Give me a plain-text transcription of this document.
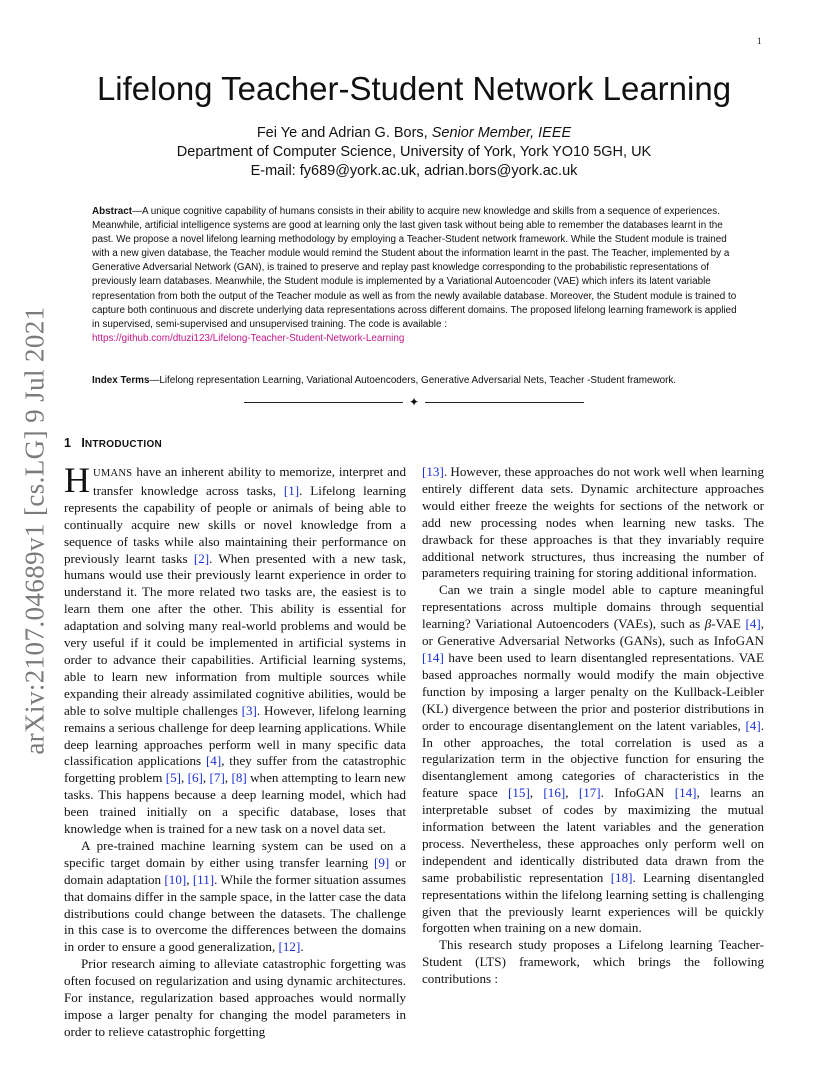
1
arXiv:2107.04689v1 [cs.LG] 9 Jul 2021
Lifelong Teacher-Student Network Learning
Fei Ye and Adrian G. Bors, Senior Member, IEEE
Department of Computer Science, University of York, York YO10 5GH, UK
E-mail: fy689@york.ac.uk, adrian.bors@york.ac.uk

Abstract—A unique cognitive capability of humans consists in their ability to acquire new knowledge and skills from a sequence of experiences. Meanwhile, artificial intelligence systems are good at learning only the last given task without being able to remember the databases learnt in the past. We propose a novel lifelong learning methodology by employing a Teacher-Student network framework. While the Student module is trained with a new given database, the Teacher module would remind the Student about the information learnt in the past. The Teacher, implemented by a Generative Adversarial Network (GAN), is trained to preserve and replay past knowledge corresponding to the probabilistic representations of previously learn databases. Meanwhile, the Student module is implemented by a Variational Autoencoder (VAE) which infers its latent variable representation from both the output of the Teacher module as well as from the newly available database. Moreover, the Student module is trained to capture both continuous and discrete underlying data representations across different domains. The proposed lifelong learning framework is applied in supervised, semi-supervised and unsupervised training. The code is available :
https://github.com/dtuzi123/Lifelong-Teacher-Student-Network-Learning

Index Terms—Lifelong representation Learning, Variational Autoencoders, Generative Adversarial Nets, Teacher -Student framework.

✦
1 INTRODUCTION

HUMANS have an inherent ability to memorize, interpret and transfer knowledge across tasks, [1]. Lifelong learning represents the capability of people or animals of being able to continually acquire new skills or novel knowledge from a sequence of tasks while also maintaining their performance on previously learnt tasks [2]. When presented with a new task, humans would use their previously learnt experience in order to understand it. The more related two tasks are, the easiest is to learn them one after the other. This ability is essential for adaptation and solving many real-world problems and would be very useful if it could be implemented in artificial systems in order to advance their capabilities. Artificial learning systems, able to learn new information from multiple sources while expanding their already assimilated cognitive abilities, would be able to solve multiple challenges [3]. However, lifelong learning remains a serious challenge for deep learning applications. While deep learning approaches perform well in many specific data classification applications [4], they suffer from the catastrophic forgetting problem [5], [6], [7], [8] when attempting to learn new tasks. This happens because a deep learning model, which had been trained initially on a specific database, loses that knowledge when is trained for a new task on a novel data set.

A pre-trained machine learning system can be used on a specific target domain by either using transfer learning [9] or domain adaptation [10], [11]. While the former situation assumes that domains differ in the sample space, in the latter case the data distributions could change between the datasets. The challenge in this case is to overcome the differences between the domains in order to ensure a good generalization, [12].

Prior research aiming to alleviate catastrophic forgetting was often focused on regularization and using dynamic architectures. For instance, regularization based approaches would normally impose a larger penalty for changing the model parameters in order to relieve catastrophic forgetting

[13]. However, these approaches do not work well when learning entirely different data sets. Dynamic architecture approaches would either freeze the weights for sections of the network or add new processing nodes when learning new tasks. The drawback for these approaches is that they invariably require additional network structures, thus increasing the number of parameters requiring training for storing additional information.

Can we train a single model able to capture meaningful representations across multiple domains through sequential learning? Variational Autoencoders (VAEs), such as β-VAE [4], or Generative Adversarial Networks (GANs), such as InfoGAN [14] have been used to learn disentangled representations. VAE based approaches normally would modify the main objective function by imposing a larger penalty on the Kullback-Leibler (KL) divergence between the prior and posterior distributions in order to encourage disentanglement on the latent variables, [4]. In other approaches, the total correlation is used as a regularization term in the objective function for ensuring the disentanglement among categories of characteristics in the feature space [15], [16], [17]. InfoGAN [14], learns an interpretable subset of codes by maximizing the mutual information between the latent variables and the generation process. Nevertheless, these approaches only perform well on independent and identically distributed data drawn from the same probabilistic representation [18]. Learning disentangled representations within the lifelong learning setting is challenging given that the previously learnt experiences will be quickly forgotten when training on a new domain.

This research study proposes a Lifelong learning Teacher-Student (LTS) framework, which brings the following contributions :
